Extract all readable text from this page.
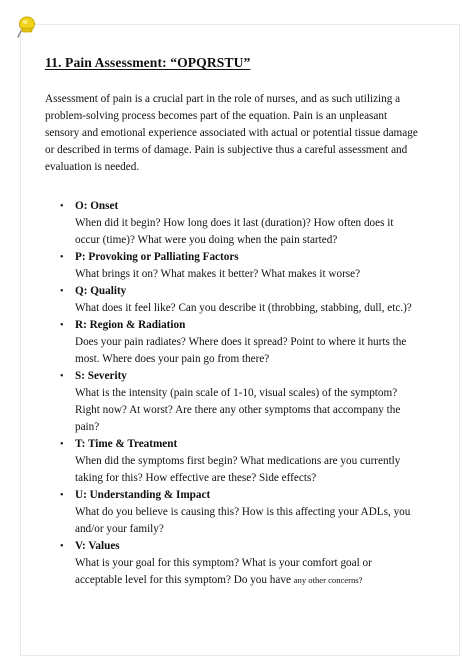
11. Pain Assessment: “OPQRSTU”

Assessment of pain is a crucial part in the role of nurses, and as such utilizing a problem-solving process becomes part of the equation. Pain is an unpleasant sensory and emotional experience associated with actual or potential tissue damage or described in terms of damage. Pain is subjective thus a careful assessment and evaluation is needed.

• O: Onset
When did it begin? How long does it last (duration)? How often does it occur (time)? What were you doing when the pain started?
• P: Provoking or Palliating Factors
What brings it on? What makes it better? What makes it worse?
• Q: Quality
What does it feel like? Can you describe it (throbbing, stabbing, dull, etc.)?
• R: Region & Radiation
Does your pain radiates? Where does it spread? Point to where it hurts the most. Where does your pain go from there?
• S: Severity
What is the intensity (pain scale of 1-10, visual scales) of the symptom? Right now? At worst? Are there any other symptoms that accompany the pain?
• T: Time & Treatment
When did the symptoms first begin? What medications are you currently taking for this? How effective are these? Side effects?
• U: Understanding & Impact
What do you believe is causing this? How is this affecting your ADLs, you and/or your family?
• V: Values
What is your goal for this symptom? What is your comfort goal or acceptable level for this symptom? Do you have any other concerns?
